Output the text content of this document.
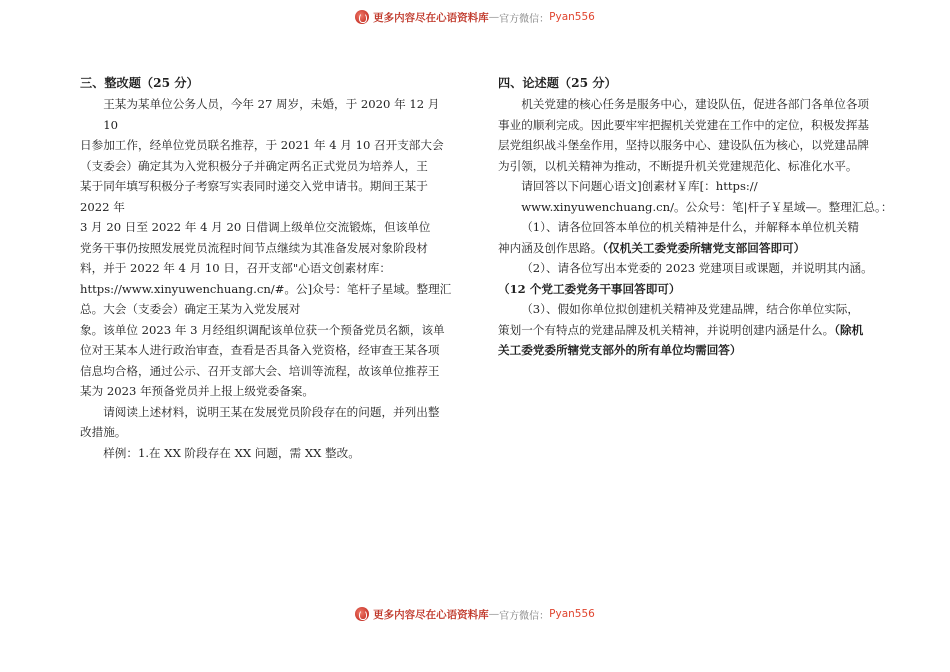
更多内容尽在心语资料库 — 官方微信： Pyan556
三、整改题（25 分）

王某为某单位公务人员，今年 27 周岁，未婚，于 2020 年 12 月

10

日参加工作，经单位党员联名推荐，于 2021 年 4 月 10 召开支部大会

（支委会）确定其为入党积极分子并确定两名正式党员为培养人，王

某于同年填写积极分子考察写实表同时递交入党申请书。期间王某于

2022 年

3 月 20 日至 2022 年 4 月 20 日借调上级单位交流锻炼，但该单位

党务干事仍按照发展党员流程时间节点继续为其准备发展对象阶段材

料，并于 2022 年 4 月 10 日，召开支部"心语文创素材库：

https://www.xinyuwenchuang.cn/#。公]众号：笔杆子星域。整理汇

总。大会（支委会）确定王某为入党发展对

象。该单位 2023 年 3 月经组织调配该单位获一个预备党员名额，该单

位对王某本人进行政治审查，查看是否具备入党资格，经审查王某各项

信息均合格，通过公示、召开支部大会、培训等流程，故该单位推荐王

某为 2023 年预备党员并上报上级党委备案。

请阅读上述材料，说明王某在发展党员阶段存在的问题，并列出整

改措施。

样例：1.在 XX 阶段存在 XX 问题，需 XX 整改。

四、论述题（25 分）

机关党建的核心任务是服务中心，建设队伍，促进各部门各单位各项

事业的顺利完成。因此要牢牢把握机关党建在工作中的定位，积极发挥基

层党组织战斗堡垒作用，坚持以服务中心、建设队伍为核心，以党建品牌

为引领，以机关精神为推动，不断提升机关党建规范化、标准化水平。

请回答以下问题心语文]创素材￥库[：https://

www.xinyuwenchuang.cn/。公众号：笔|杆子￥星域—。整理汇总。：

（1）、请各位回答本单位的机关精神是什么，并解释本单位机关精

神内涵及创作思路。（仅机关工委党委所辖党支部回答即可）

（2）、请各位写出本党委的 2023 党建项目或课题，并说明其内涵。

（12 个党工委党务干事回答即可）

（3）、假如你单位拟创建机关精神及党建品牌，结合你单位实际，

策划一个有特点的党建品牌及机关精神，并说明创建内涵是什么。（除机

关工委党委所辖党支部外的所有单位均需回答）

更多内容尽在心语资料库 — 官方微信： Pyan556
